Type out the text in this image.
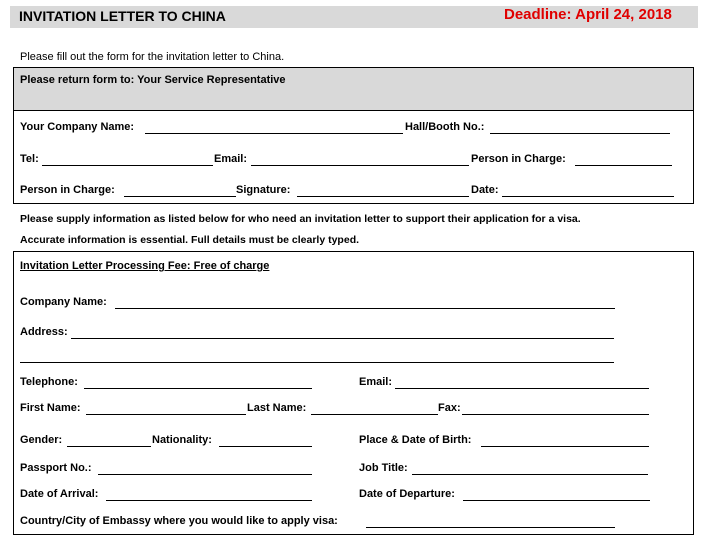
INVITATION LETTER TO CHINA	Deadline: April 24, 2018
Please fill out the form for the invitation letter to China.
Please return form to: Your Service Representative
Your Company Name:	Hall/Booth No.:
Tel:	Email:	Person in Charge:
Person in Charge:	Signature:	Date:
Please supply information as listed below for who need an invitation letter to support their application for a visa.
Accurate information is essential. Full details must be clearly typed.
Invitation Letter Processing Fee: Free of charge
Company Name:
Address:
Telephone:	Email:
First Name:	Last Name:	Fax:
Gender:	Nationality:	Place & Date of Birth:
Passport No.:	Job Title:
Date of Arrival:	Date of Departure:
Country/City of Embassy where you would like to apply visa:
